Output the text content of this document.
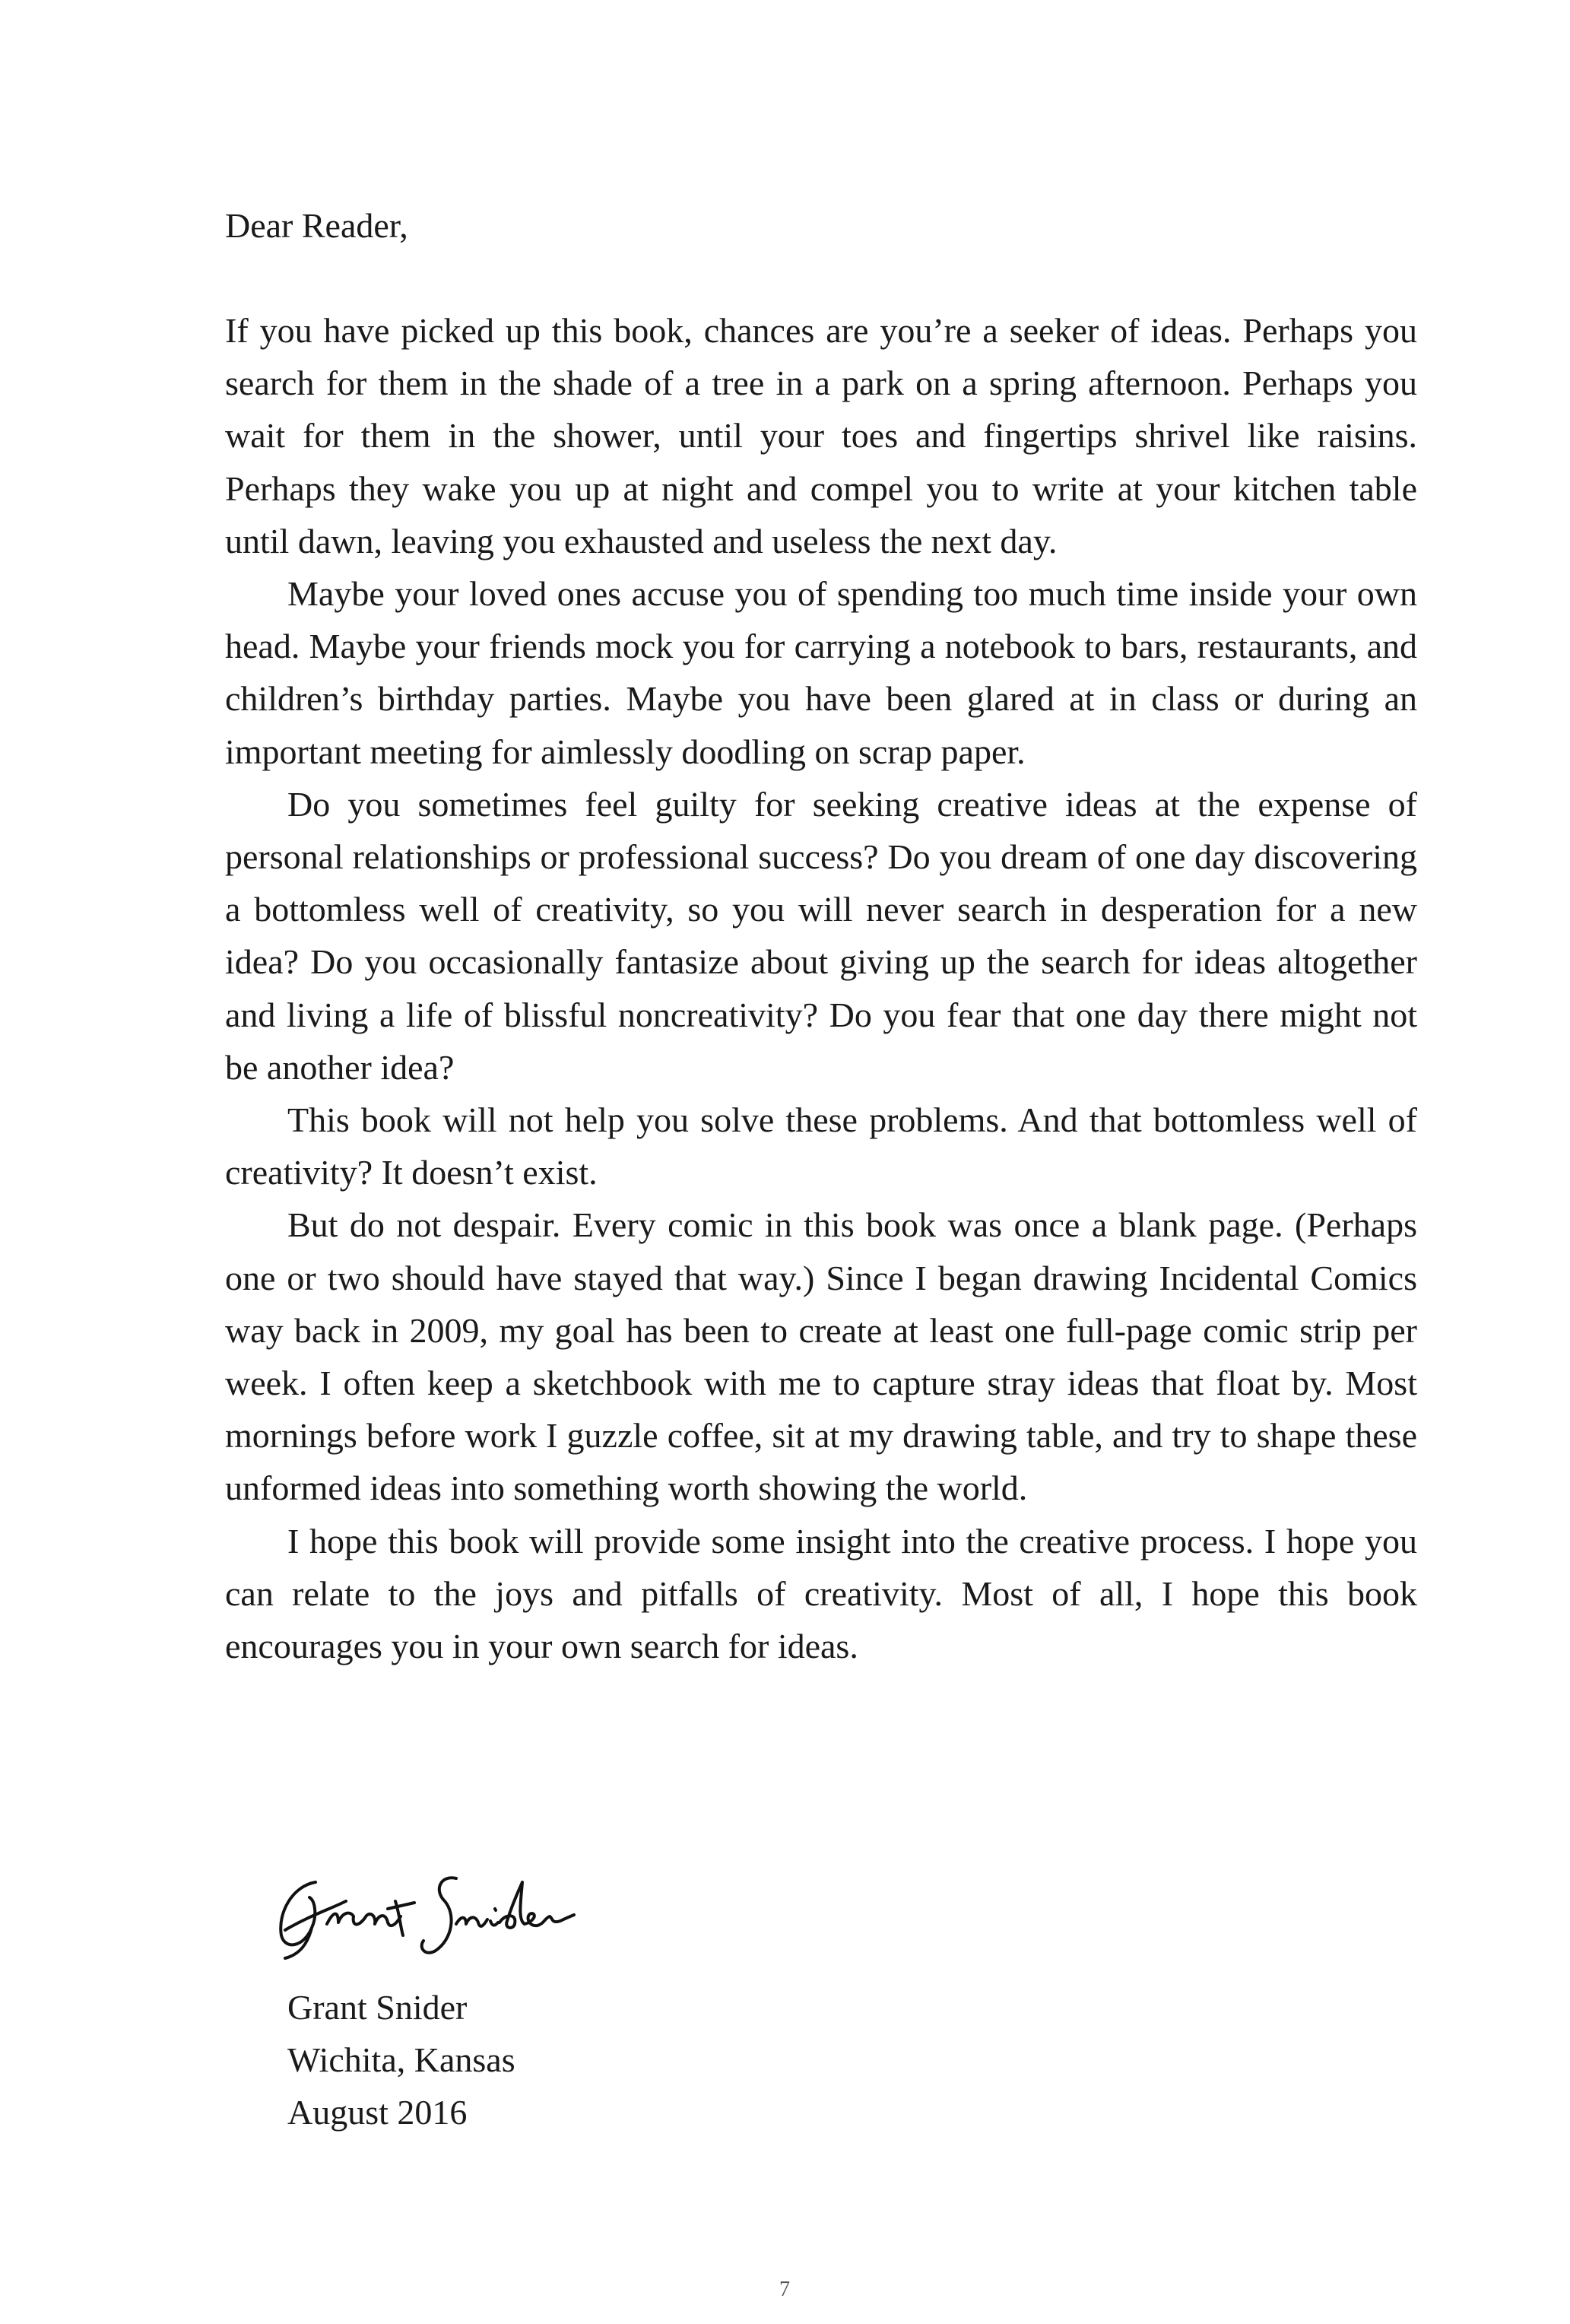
Dear Reader,

If you have picked up this book, chances are you’re a seeker of ideas. Perhaps you search for them in the shade of a tree in a park on a spring afternoon. Perhaps you wait for them in the shower, until your toes and fingertips shrivel like raisins. Perhaps they wake you up at night and compel you to write at your kitchen table until dawn, leaving you exhausted and useless the next day.

Maybe your loved ones accuse you of spending too much time inside your own head. Maybe your friends mock you for carrying a notebook to bars, restaurants, and children’s birthday parties. Maybe you have been glared at in class or during an important meeting for aimlessly doodling on scrap paper.

Do you sometimes feel guilty for seeking creative ideas at the expense of personal relationships or professional success? Do you dream of one day discovering a bottomless well of creativity, so you will never search in desperation for a new idea? Do you occasionally fantasize about giving up the search for ideas altogether and living a life of blissful noncreativity? Do you fear that one day there might not be another idea?

This book will not help you solve these problems. And that bottomless well of creativity? It doesn’t exist.

But do not despair. Every comic in this book was once a blank page. (Perhaps one or two should have stayed that way.) Since I began drawing Incidental Comics way back in 2009, my goal has been to create at least one full-page comic strip per week. I often keep a sketchbook with me to capture stray ideas that float by. Most mornings before work I guzzle coffee, sit at my drawing table, and try to shape these unformed ideas into something worth showing the world.

I hope this book will provide some insight into the creative process. I hope you can relate to the joys and pitfalls of creativity. Most of all, I hope this book encourages you in your own search for ideas.

Grant Snider
Wichita, Kansas
August 2016
7
